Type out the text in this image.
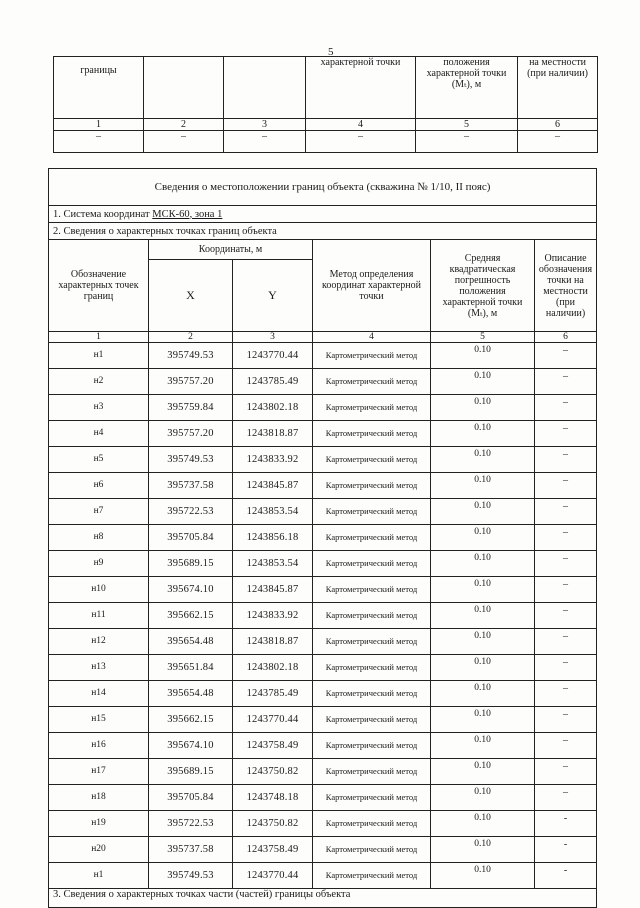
5
границы			характерной точки	положения характерной точки (Mₜ), м	на местности (при наличии)
1	2	3	4	5	6
–	–	–	–	–	–
Сведения о местоположении границ объекта (скважина № 1/10, II пояс)					
1. Система координат МСК-60, зона 1					
2. Сведения о характерных точках границ объекта					
Обозначение характерных точек границ	Координаты, м		Метод определения координат характерной точки	Средняя квадратическая погрешность положения характерной точки (Mₜ), м	Описание обозначения точки на местности (при наличии)
	X	Y			
1	2	3	4	5	6
н1	395749.53	1243770.44	Картометрический метод	0.10	–
н2	395757.20	1243785.49	Картометрический метод	0.10	–
н3	395759.84	1243802.18	Картометрический метод	0.10	–
н4	395757.20	1243818.87	Картометрический метод	0.10	–
н5	395749.53	1243833.92	Картометрический метод	0.10	–
н6	395737.58	1243845.87	Картометрический метод	0.10	–
н7	395722.53	1243853.54	Картометрический метод	0.10	–
н8	395705.84	1243856.18	Картометрический метод	0.10	–
н9	395689.15	1243853.54	Картометрический метод	0.10	–
н10	395674.10	1243845.87	Картометрический метод	0.10	–
н11	395662.15	1243833.92	Картометрический метод	0.10	–
н12	395654.48	1243818.87	Картометрический метод	0.10	–
н13	395651.84	1243802.18	Картометрический метод	0.10	–
н14	395654.48	1243785.49	Картометрический метод	0.10	–
н15	395662.15	1243770.44	Картометрический метод	0.10	–
н16	395674.10	1243758.49	Картометрический метод	0.10	–
н17	395689.15	1243750.82	Картометрический метод	0.10	–
н18	395705.84	1243748.18	Картометрический метод	0.10	–
н19	395722.53	1243750.82	Картометрический метод	0.10	-
н20	395737.58	1243758.49	Картометрический метод	0.10	-
н1	395749.53	1243770.44	Картометрический метод	0.10	-
3. Сведения о характерных точках части (частей) границы объекта					
